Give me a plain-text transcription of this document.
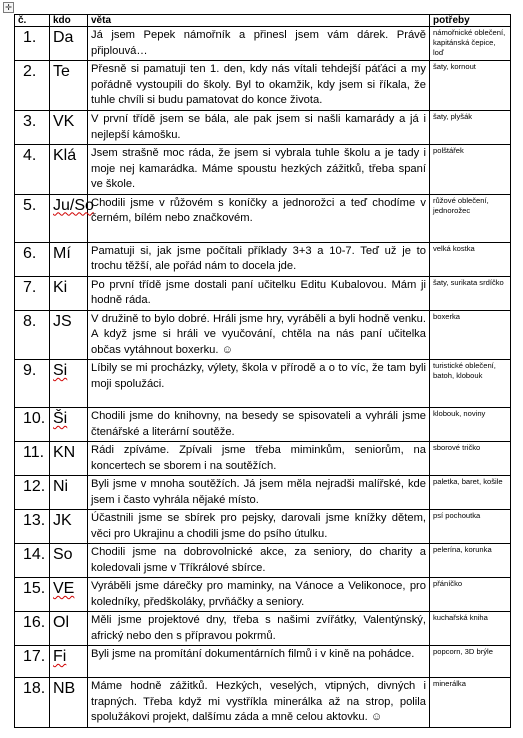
✛
č.	kdo	věta	potřeby
1.	Da	Já jsem Pepek námořník a přinesl jsem vám dárek. Právě připlouvá…	námořnické oblečení, kapitánská čepice, loď
2.	Te	Přesně si pamatuji ten 1. den, kdy nás vítali tehdejší páťáci a my pořádně vystoupili do školy. Byl to okamžik, kdy jsem si říkala, že tuhle chvíli si budu pamatovat do konce života.	šaty, kornout
3.	VK	V první třídě jsem se bála, ale pak jsem si našli kamarády a já i nejlepší kámošku.	šaty, plyšák
4.	Klá	Jsem strašně moc ráda, že jsem si vybrala tuhle školu a je tady i moje nej kamarádka. Máme spoustu hezkých zážitků, třeba spaní ve škole.	polštářek
5.	Ju/So	Chodili jsme v růžovém s koníčky a jednorožci a teď chodíme v černém, bílém nebo značkovém.	růžové oblečení, jednorožec
6.	Mí	Pamatuji si, jak jsme počítali příklady 3+3 a 10-7. Teď už je to trochu těžší, ale pořád nám to docela jde.	velká kostka
7.	Ki	Po první třídě jsme dostali paní učitelku Editu Kubalovou. Mám ji hodně ráda.	šaty, surikata srdíčko
8.	JS	V družině to bylo dobré. Hráli jsme hry, vyráběli a byli hodně venku. A když jsme si hráli ve vyučování, chtěla na nás paní učitelka občas vytáhnout boxerku. ☺	boxerka
9.	Si	Líbily se mi procházky, výlety, škola v přírodě a o to víc, že tam byli moji spolužáci.	turistické oblečení, batoh, klobouk
10.	Ši	Chodili jsme do knihovny, na besedy se spisovateli a vyhráli jsme čtenářské a literární soutěže.	klobouk, noviny
11.	KN	Rádi zpíváme. Zpívali jsme třeba miminkům, seniorům, na koncertech se sborem i na soutěžích.	sborové tričko
12.	Ni	Byli jsme v mnoha soutěžích. Já jsem měla nejradši malířské, kde jsem i často vyhrála nějaké místo.	paletka, baret, košile
13.	JK	Účastnili jsme se sbírek pro pejsky, darovali jsme knížky dětem, věci pro Ukrajinu a chodili jsme do psího útulku.	psí pochoutka
14.	So	Chodili jsme na dobrovolnické akce, za seniory, do charity a koledovali jsme v Tříkrálové sbírce.	pelerína, korunka
15.	VE	Vyráběli jsme dárečky pro maminky, na Vánoce a Velikonoce, pro koledníky, předškoláky, prvňáčky a seniory.	přáníčko
16.	Ol	Měli jsme projektové dny, třeba s našimi zvířátky, Valentýnský, africký nebo den s přípravou pokrmů.	kuchařská kniha
17.	Fi	Byli jsme na promítání dokumentárních filmů i v kině na pohádce.	popcorn, 3D brýle
18.	NB	Máme hodně zážitků. Hezkých, veselých, vtipných, divných i trapných. Třeba když mi vystříkla minerálka až na strop, polila spolužákovi projekt, dalšímu záda a mně celou aktovku. ☺	minerálka
